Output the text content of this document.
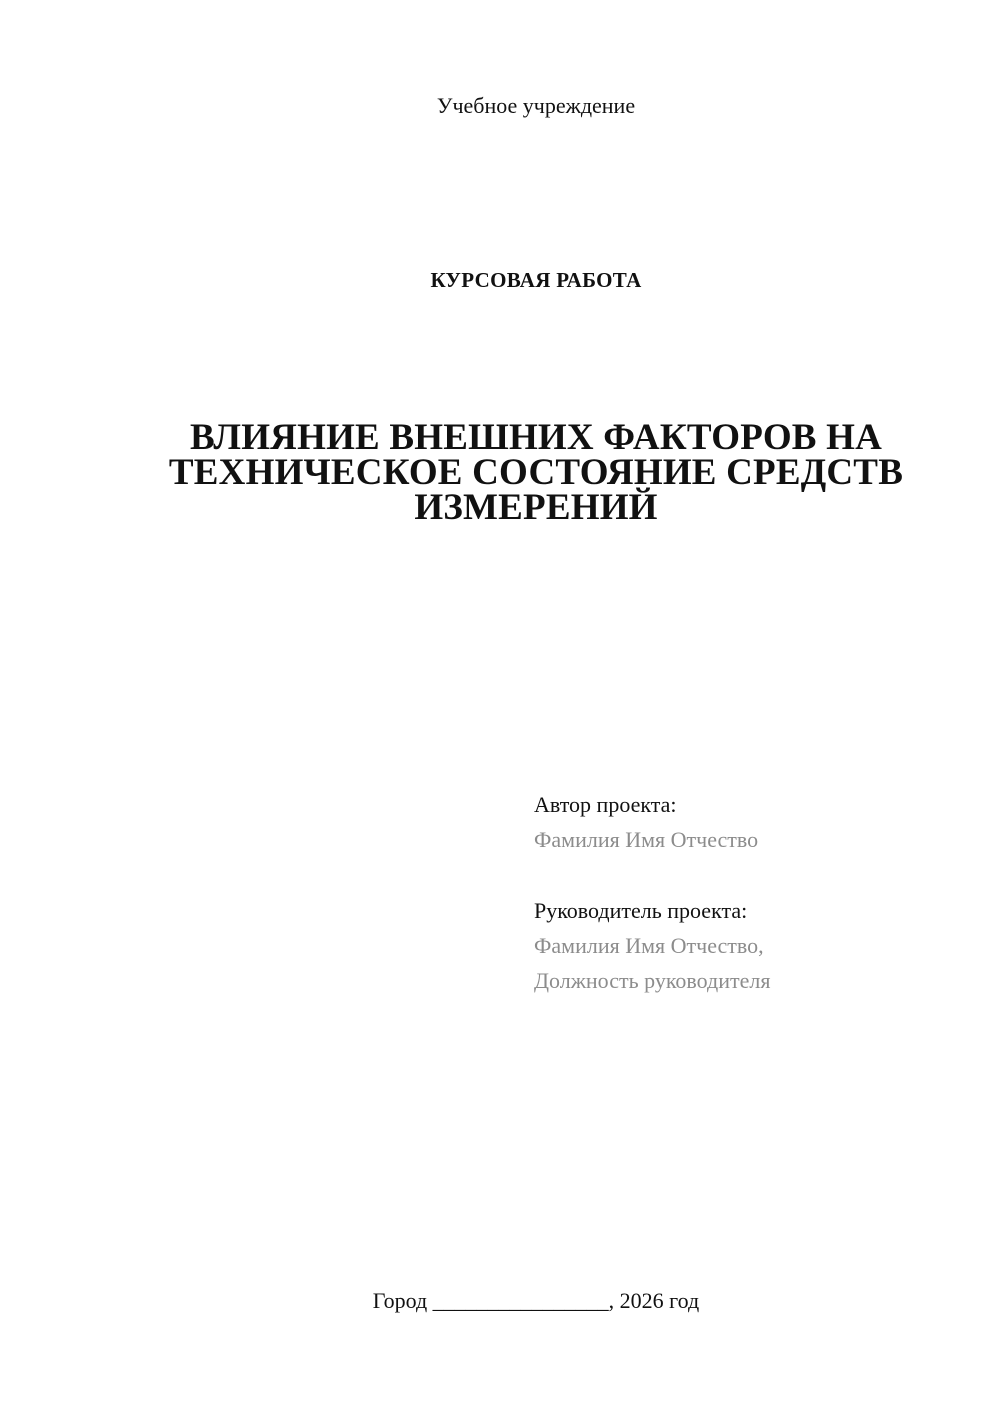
Учебное учреждение
КУРСОВАЯ РАБОТА
ВЛИЯНИЕ ВНЕШНИХ ФАКТОРОВ НА
ТЕХНИЧЕСКОЕ СОСТОЯНИЕ СРЕДСТВ
ИЗМЕРЕНИЙ
Автор проекта:
Фамилия Имя Отчество
Руководитель проекта:
Фамилия Имя Отчество,
Должность руководителя
Город ________________, 2026 год
